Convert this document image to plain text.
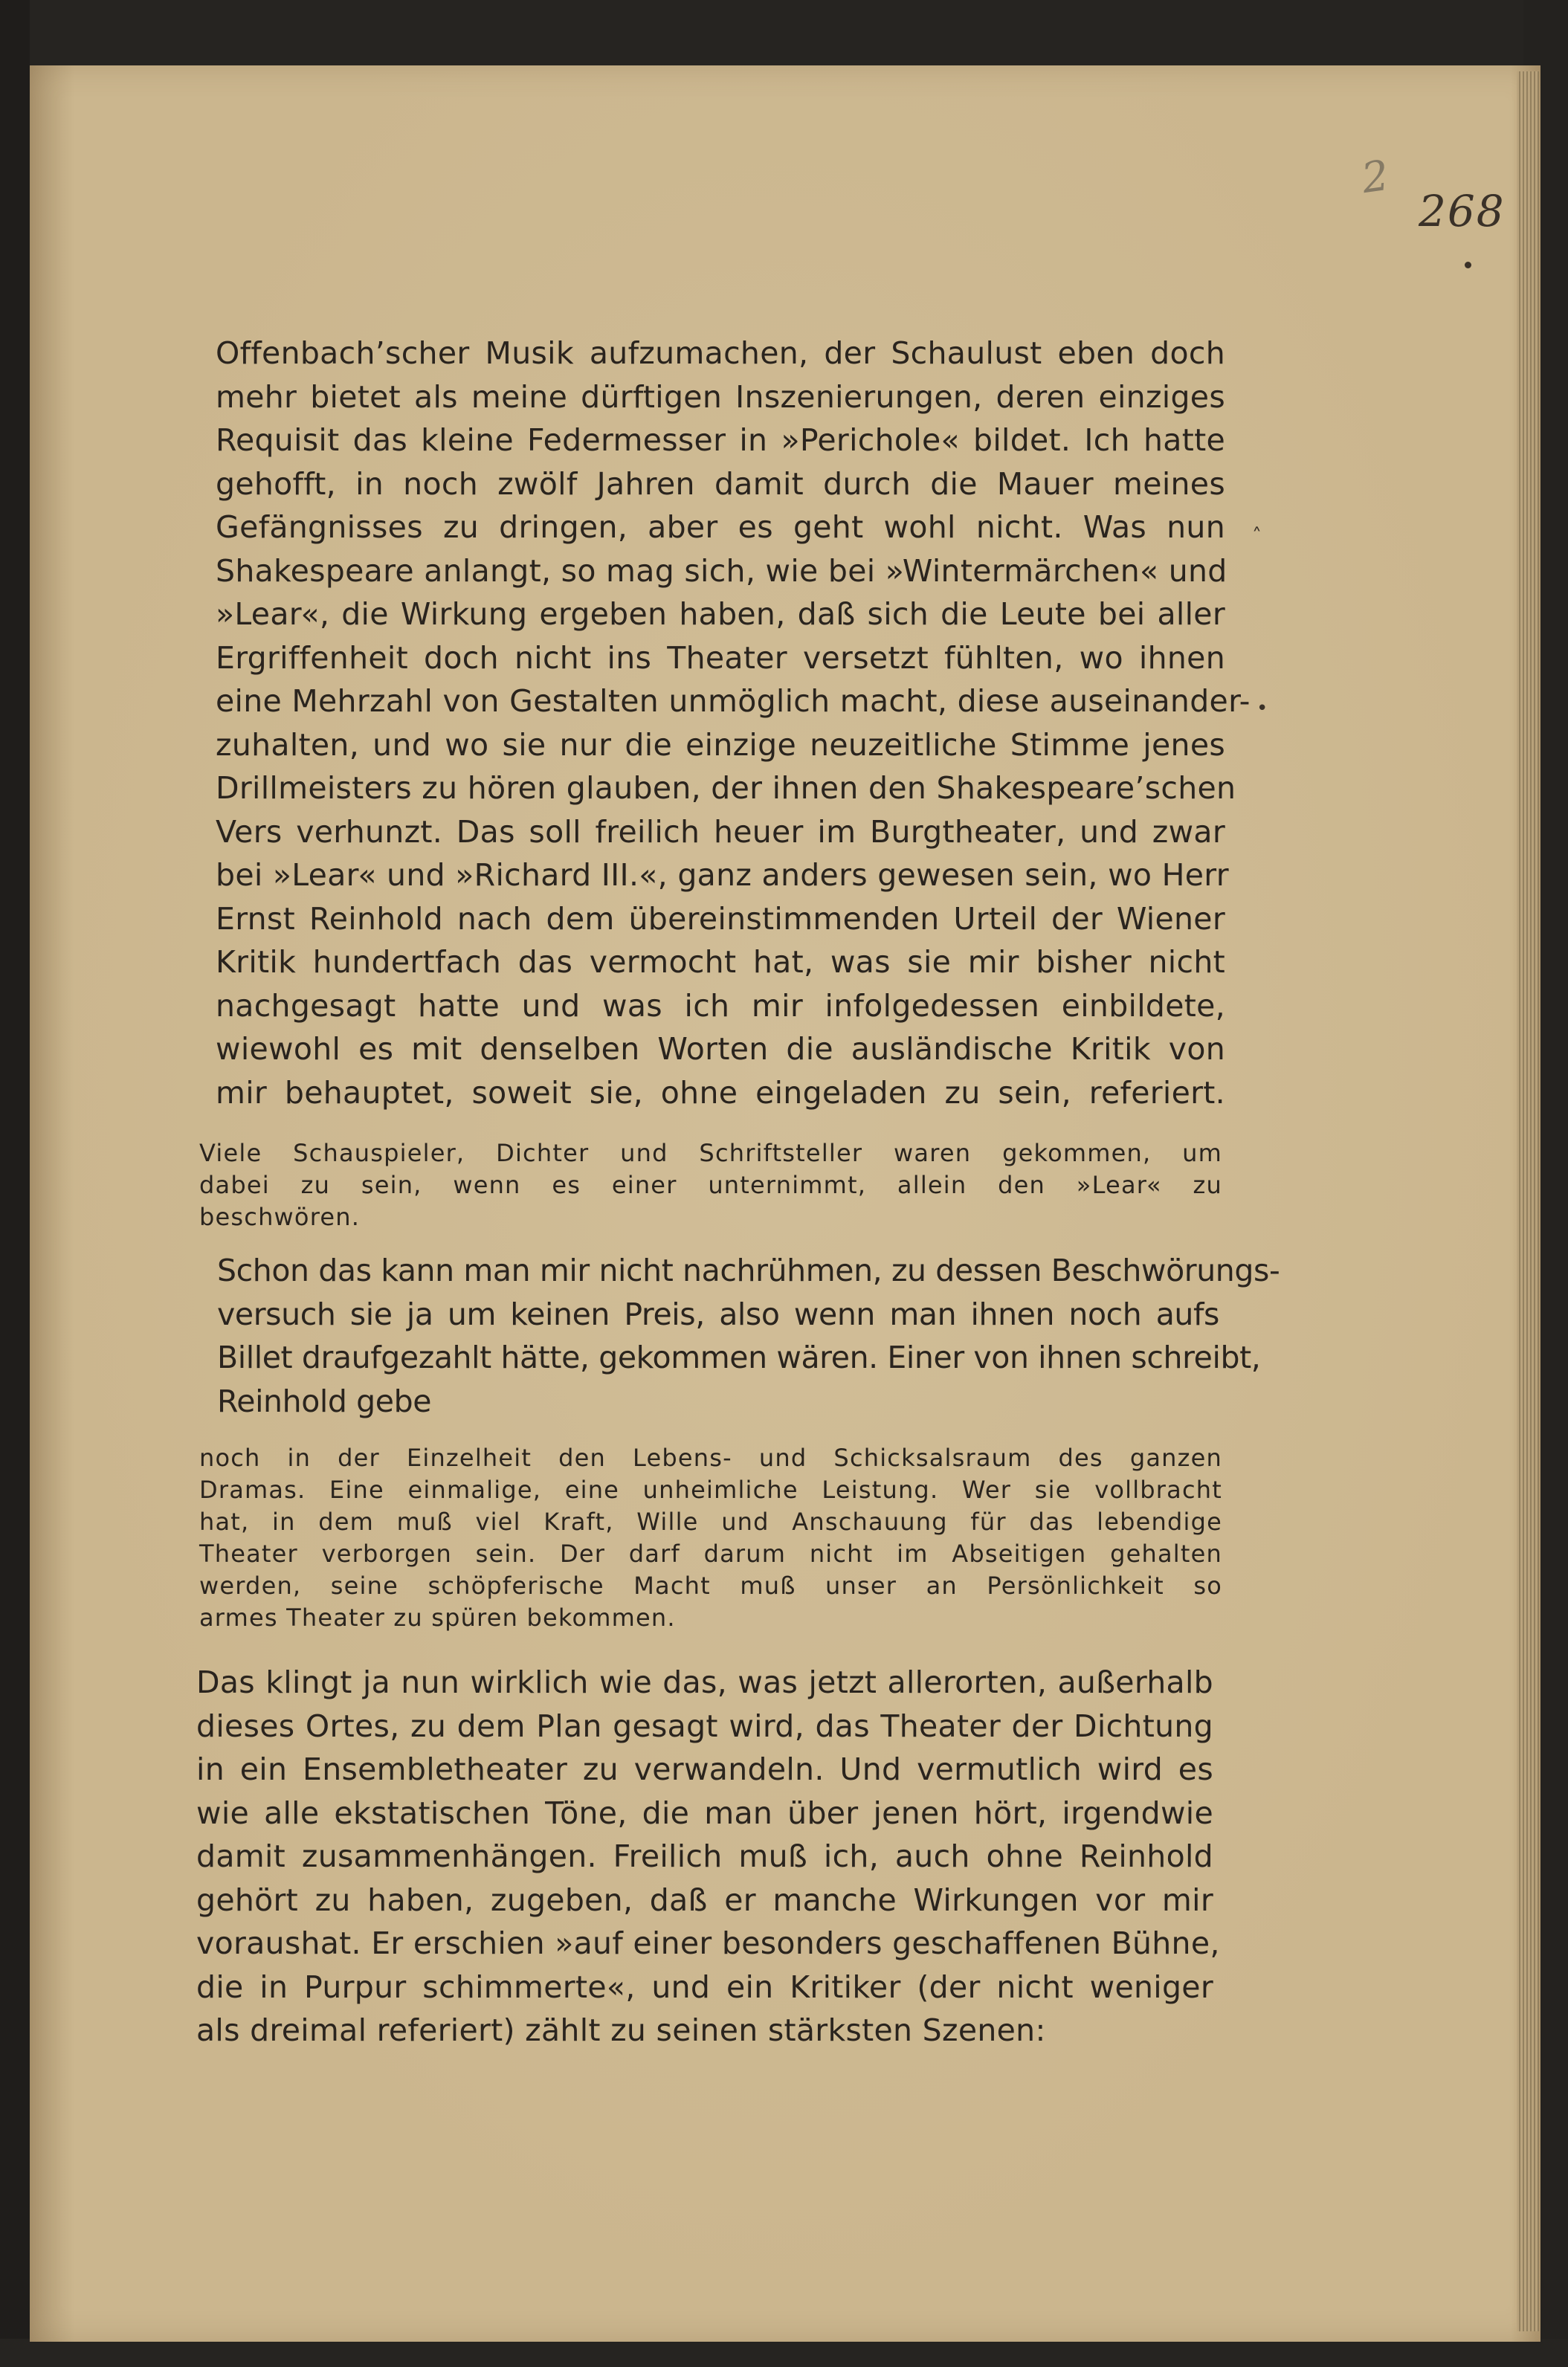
2
268
˄
•
Offenbach’scher Musik aufzumachen, der Schaulust eben doch
mehr bietet als meine dürftigen Inszenierungen, deren einziges
Requisit das kleine Federmesser in »Perichole« bildet. Ich hatte
gehofft, in noch zwölf Jahren damit durch die Mauer meines
Gefängnisses zu dringen, aber es geht wohl nicht. Was nun
Shakespeare anlangt, so mag sich, wie bei »Wintermärchen« und
»Lear«, die Wirkung ergeben haben, daß sich die Leute bei aller
Ergriffenheit doch nicht ins Theater versetzt fühlten, wo ihnen
eine Mehrzahl von Gestalten unmöglich macht, diese auseinander-
zuhalten, und wo sie nur die einzige neuzeitliche Stimme jenes
Drillmeisters zu hören glauben, der ihnen den Shakespeare’schen
Vers verhunzt. Das soll freilich heuer im Burgtheater, und zwar
bei »Lear« und »Richard III.«, ganz anders gewesen sein, wo Herr
Ernst Reinhold nach dem übereinstimmenden Urteil der Wiener
Kritik hundertfach das vermocht hat, was sie mir bisher nicht
nachgesagt hatte und was ich mir infolgedessen einbildete,
wiewohl es mit denselben Worten die ausländische Kritik von
mir behauptet, soweit sie, ohne eingeladen zu sein, referiert.
Viele Schauspieler, Dichter und Schriftsteller waren gekommen, um
dabei zu sein, wenn es einer unternimmt, allein den »Lear« zu
beschwören.
Schon das kann man mir nicht nachrühmen, zu dessen Beschwörungs-
versuch sie ja um keinen Preis, also wenn man ihnen noch aufs
Billet draufgezahlt hätte, gekommen wären. Einer von ihnen schreibt,
Reinhold gebe
noch in der Einzelheit den Lebens- und Schicksalsraum des ganzen
Dramas. Eine einmalige, eine unheimliche Leistung. Wer sie vollbracht
hat, in dem muß viel Kraft, Wille und Anschauung für das lebendige
Theater verborgen sein. Der darf darum nicht im Abseitigen gehalten
werden, seine schöpferische Macht muß unser an Persönlichkeit so
armes Theater zu spüren bekommen.
Das klingt ja nun wirklich wie das, was jetzt allerorten, außerhalb
dieses Ortes, zu dem Plan gesagt wird, das Theater der Dichtung
in ein Ensembletheater zu verwandeln. Und vermutlich wird es
wie alle ekstatischen Töne, die man über jenen hört, irgendwie
damit zusammenhängen. Freilich muß ich, auch ohne Reinhold
gehört zu haben, zugeben, daß er manche Wirkungen vor mir
voraushat. Er erschien »auf einer besonders geschaffenen Bühne,
die in Purpur schimmerte«, und ein Kritiker (der nicht weniger
als dreimal referiert) zählt zu seinen stärksten Szenen:
